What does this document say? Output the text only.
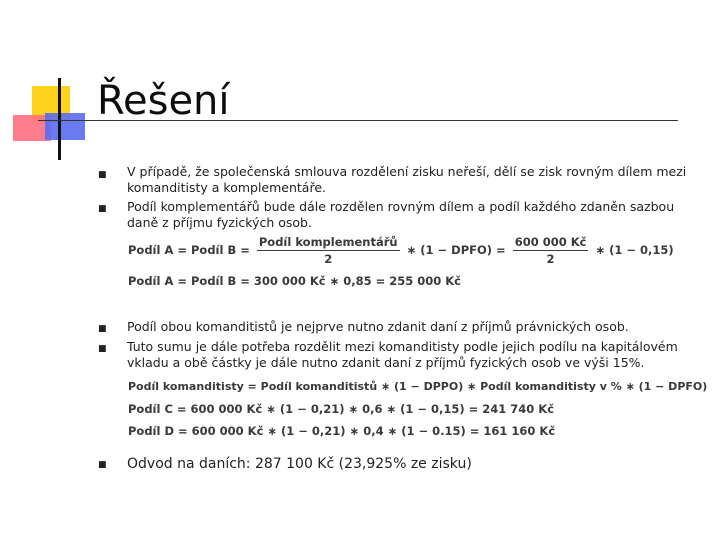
Řešení
■ V případě, že společenská smlouva rozdělení zisku neřeší, dělí se zisk rovným dílem mezi komanditisty a komplementáře.
■ Podíl komplementářů bude dále rozdělen rovným dílem a podíl každého zdaněn sazbou daně z příjmu fyzických osob.
Podíl A = Podíl $B = \frac{\text{Podíl komplementářů}}{2}$ ∗ (1 − DPFO) = $\frac{600 000 Kč}{2}$ ∗ (1 − 0,15)
Podíl A = Podíl B = 300 000 Kč ∗ 0,85 = 255 000 Kč
■ Podíl obou komanditistů je nejprve nutno zdanit daní z příjmů právnických osob.
■ Tuto sumu je dále potřeba rozdělit mezi komanditisty podle jejich podílu na kapitálovém vkladu a obě částky je dále nutno zdanit daní z příjmů fyzických osob ve výši 15%.
Podíl komanditisty = Podíl komanditistů ∗ (1 − DPPO) ∗ Podíl komanditisty v % ∗ (1 − DPFO)
Podíl C = 600 000 Kč ∗ (1 − 0,21) ∗ 0,6 ∗ (1 − 0,15) = 241 740 Kč
Podíl D = 600 000 Kč ∗ (1 − 0,21) ∗ 0,4 ∗ (1 − 0.15) = 161 160 Kč
■ Odvod na daních: 287 100 Kč (23,925% ze zisku)
